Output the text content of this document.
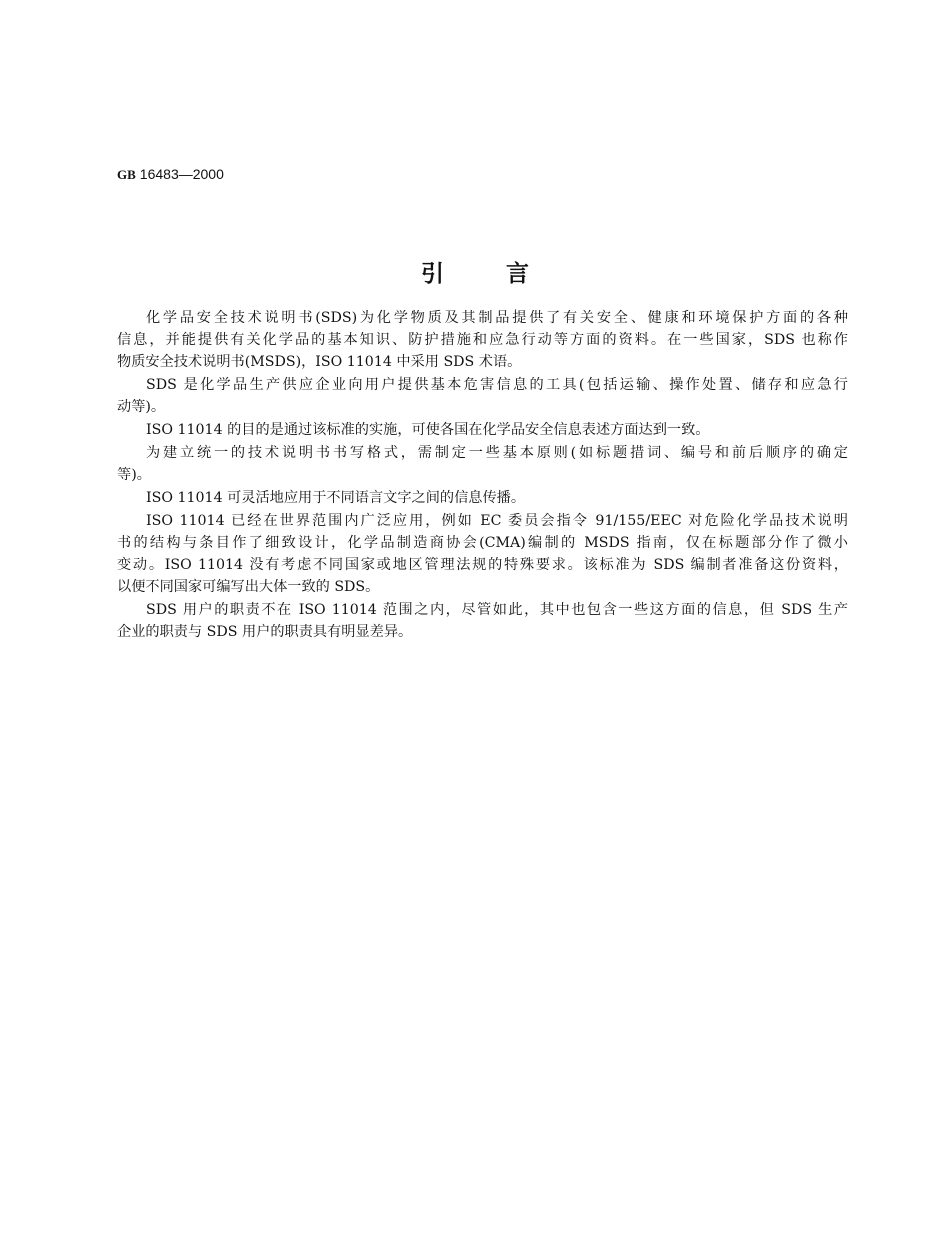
GB 16483—2000
引言
化学品安全技术说明书(SDS)为化学物质及其制品提供了有关安全、健康和环境保护方面的各种
信息，并能提供有关化学品的基本知识、防护措施和应急行动等方面的资料。在一些国家，SDS 也称作
物质安全技术说明书(MSDS)，ISO 11014 中采用 SDS 术语。
SDS 是化学品生产供应企业向用户提供基本危害信息的工具(包括运输、操作处置、储存和应急行
动等)。
ISO 11014 的目的是通过该标准的实施，可使各国在化学品安全信息表述方面达到一致。
为建立统一的技术说明书书写格式，需制定一些基本原则(如标题措词、编号和前后顺序的确定
等)。
ISO 11014 可灵活地应用于不同语言文字之间的信息传播。
ISO 11014 已经在世界范围内广泛应用，例如 EC 委员会指令 91/155/EEC 对危险化学品技术说明
书的结构与条目作了细致设计，化学品制造商协会(CMA)编制的 MSDS 指南，仅在标题部分作了微小
变动。ISO 11014 没有考虑不同国家或地区管理法规的特殊要求。该标准为 SDS 编制者准备这份资料，
以便不同国家可编写出大体一致的 SDS。
SDS 用户的职责不在 ISO 11014 范围之内，尽管如此，其中也包含一些这方面的信息，但 SDS 生产
企业的职责与 SDS 用户的职责具有明显差异。
